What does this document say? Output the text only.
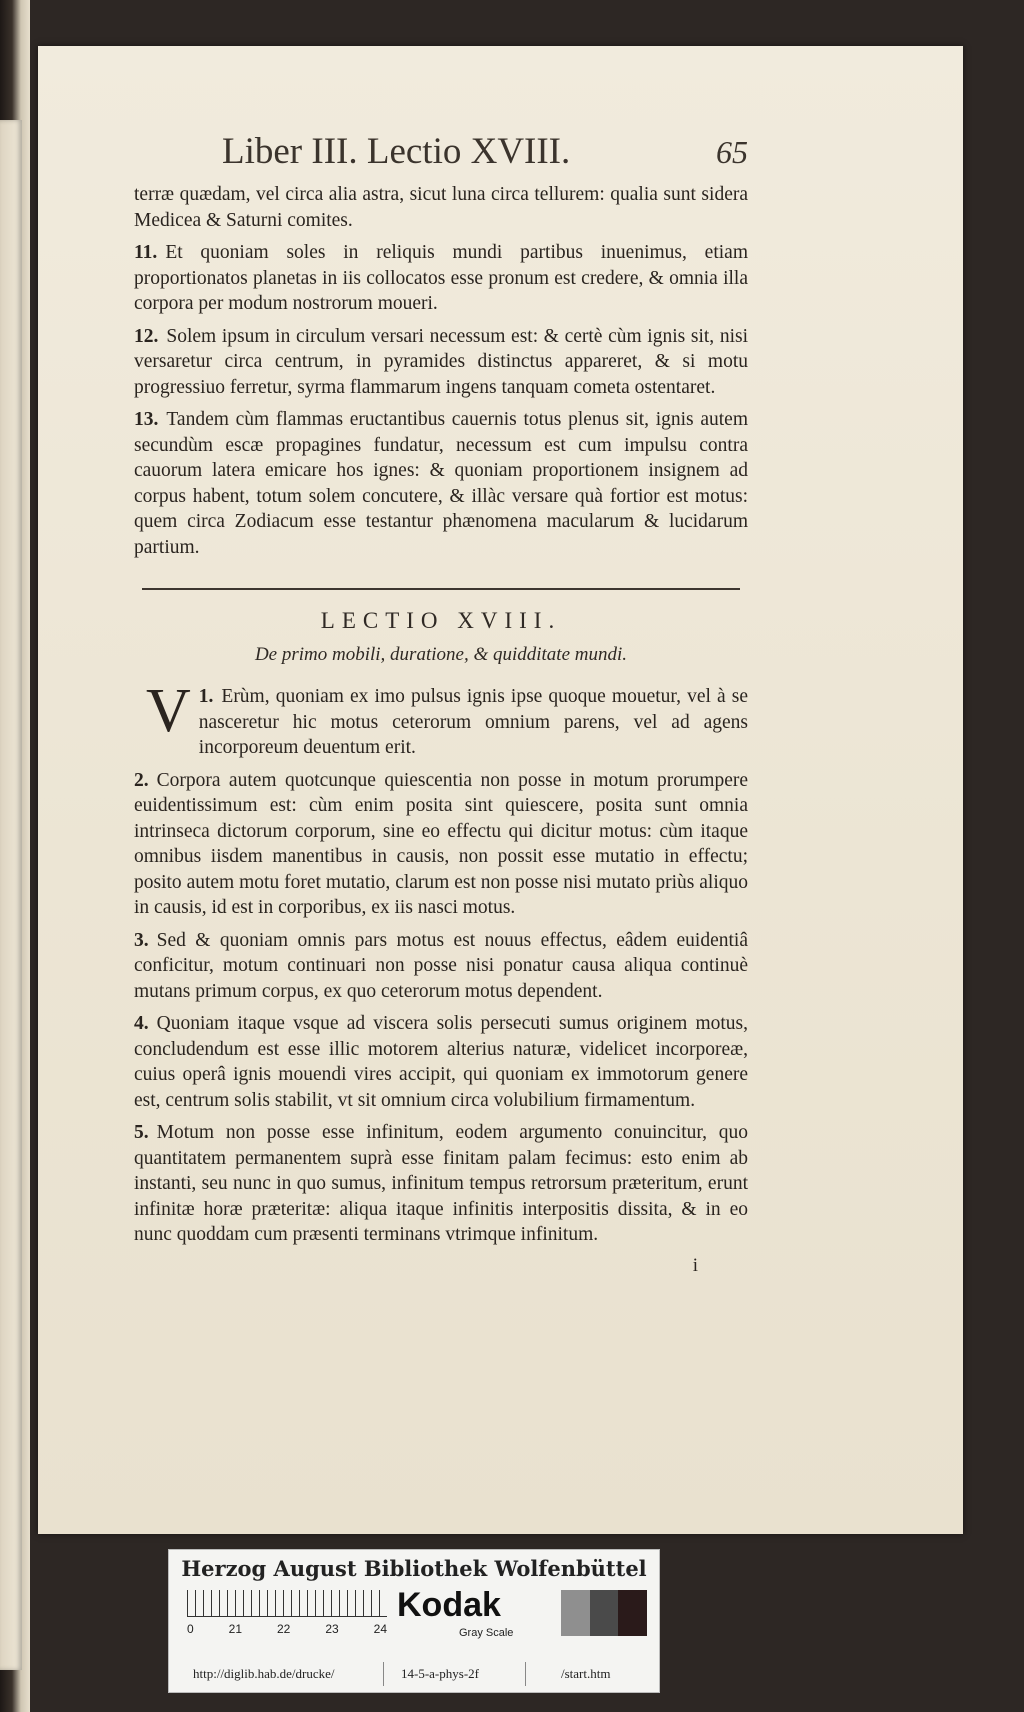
Liber III. Lectio XVIII.	65

terræ quædam, vel circa alia astra, sicut luna circa tellurem: qualia sunt sidera Medicea & Saturni comites.

11. Et quoniam soles in reliquis mundi partibus inuenimus, etiam proportionatos planetas in iis collocatos esse pronum est credere, & omnia illa corpora per modum nostrorum moueri.

12. Solem ipsum in circulum versari necessum est: & certè cùm ignis sit, nisi versaretur circa centrum, in pyramides distinctus appareret, & si motu progressiuo ferretur, syrma flammarum ingens tanquam cometa ostentaret.

13. Tandem cùm flammas eructantibus cauernis totus plenus sit, ignis autem secundùm escæ propagines fundatur, necessum est cum impulsu contra cauorum latera emicare hos ignes: & quoniam proportionem insignem ad corpus habent, totum solem concutere, & illàc versare quà fortior est motus: quem circa Zodiacum esse testantur phænomena macularum & lucidarum partium.

LECTIO XVIII.
De primo mobili, duratione, & quidditate mundi.

1.
V Erùm, quoniam ex imo pulsus ignis ipse quoque mouetur, vel à se nasceretur hic motus ceterorum omnium parens, vel ad agens incorporeum deuentum erit.

2. Corpora autem quotcunque quiescentia non posse in motum prorumpere euidentissimum est: cùm enim posita sint quiescere, posita sunt omnia intrinseca dictorum corporum, sine eo effectu qui dicitur motus: cùm itaque omnibus iisdem manentibus in causis, non possit esse mutatio in effectu; posito autem motu foret mutatio, clarum est non posse nisi mutato priùs aliquo in causis, id est in corporibus, ex iis nasci motus.

3. Sed & quoniam omnis pars motus est nouus effectus, eâdem euidentiâ conficitur, motum continuari non posse nisi ponatur causa aliqua continuè mutans primum corpus, ex quo ceterorum motus dependent.

4. Quoniam itaque vsque ad viscera solis persecuti sumus originem motus, concludendum est esse illic motorem alterius naturæ, videlicet incorporeæ, cuius operâ ignis mouendi vires accipit, qui quoniam ex immotorum genere est, centrum solis stabilit, vt sit omnium circa volubilium firmamentum.

5. Motum non posse esse infinitum, eodem argumento conuincitur, quo quantitatem permanentem suprà esse finitam palam fecimus: esto enim ab instanti, seu nunc in quo sumus, infinitum tempus retrorsum præteritum, erunt infinitæ horæ præteritæ: aliqua itaque infinitis interpositis dissita, & in eo nunc quoddam cum præsenti terminans vtrimque infinitum.

i
Herzog August Bibliothek Wolfenbüttel
0	21	22	23	24
Kodak
Gray Scale
http://diglib.hab.de/drucke/	14-5-a-phys-2f	/start.htm
